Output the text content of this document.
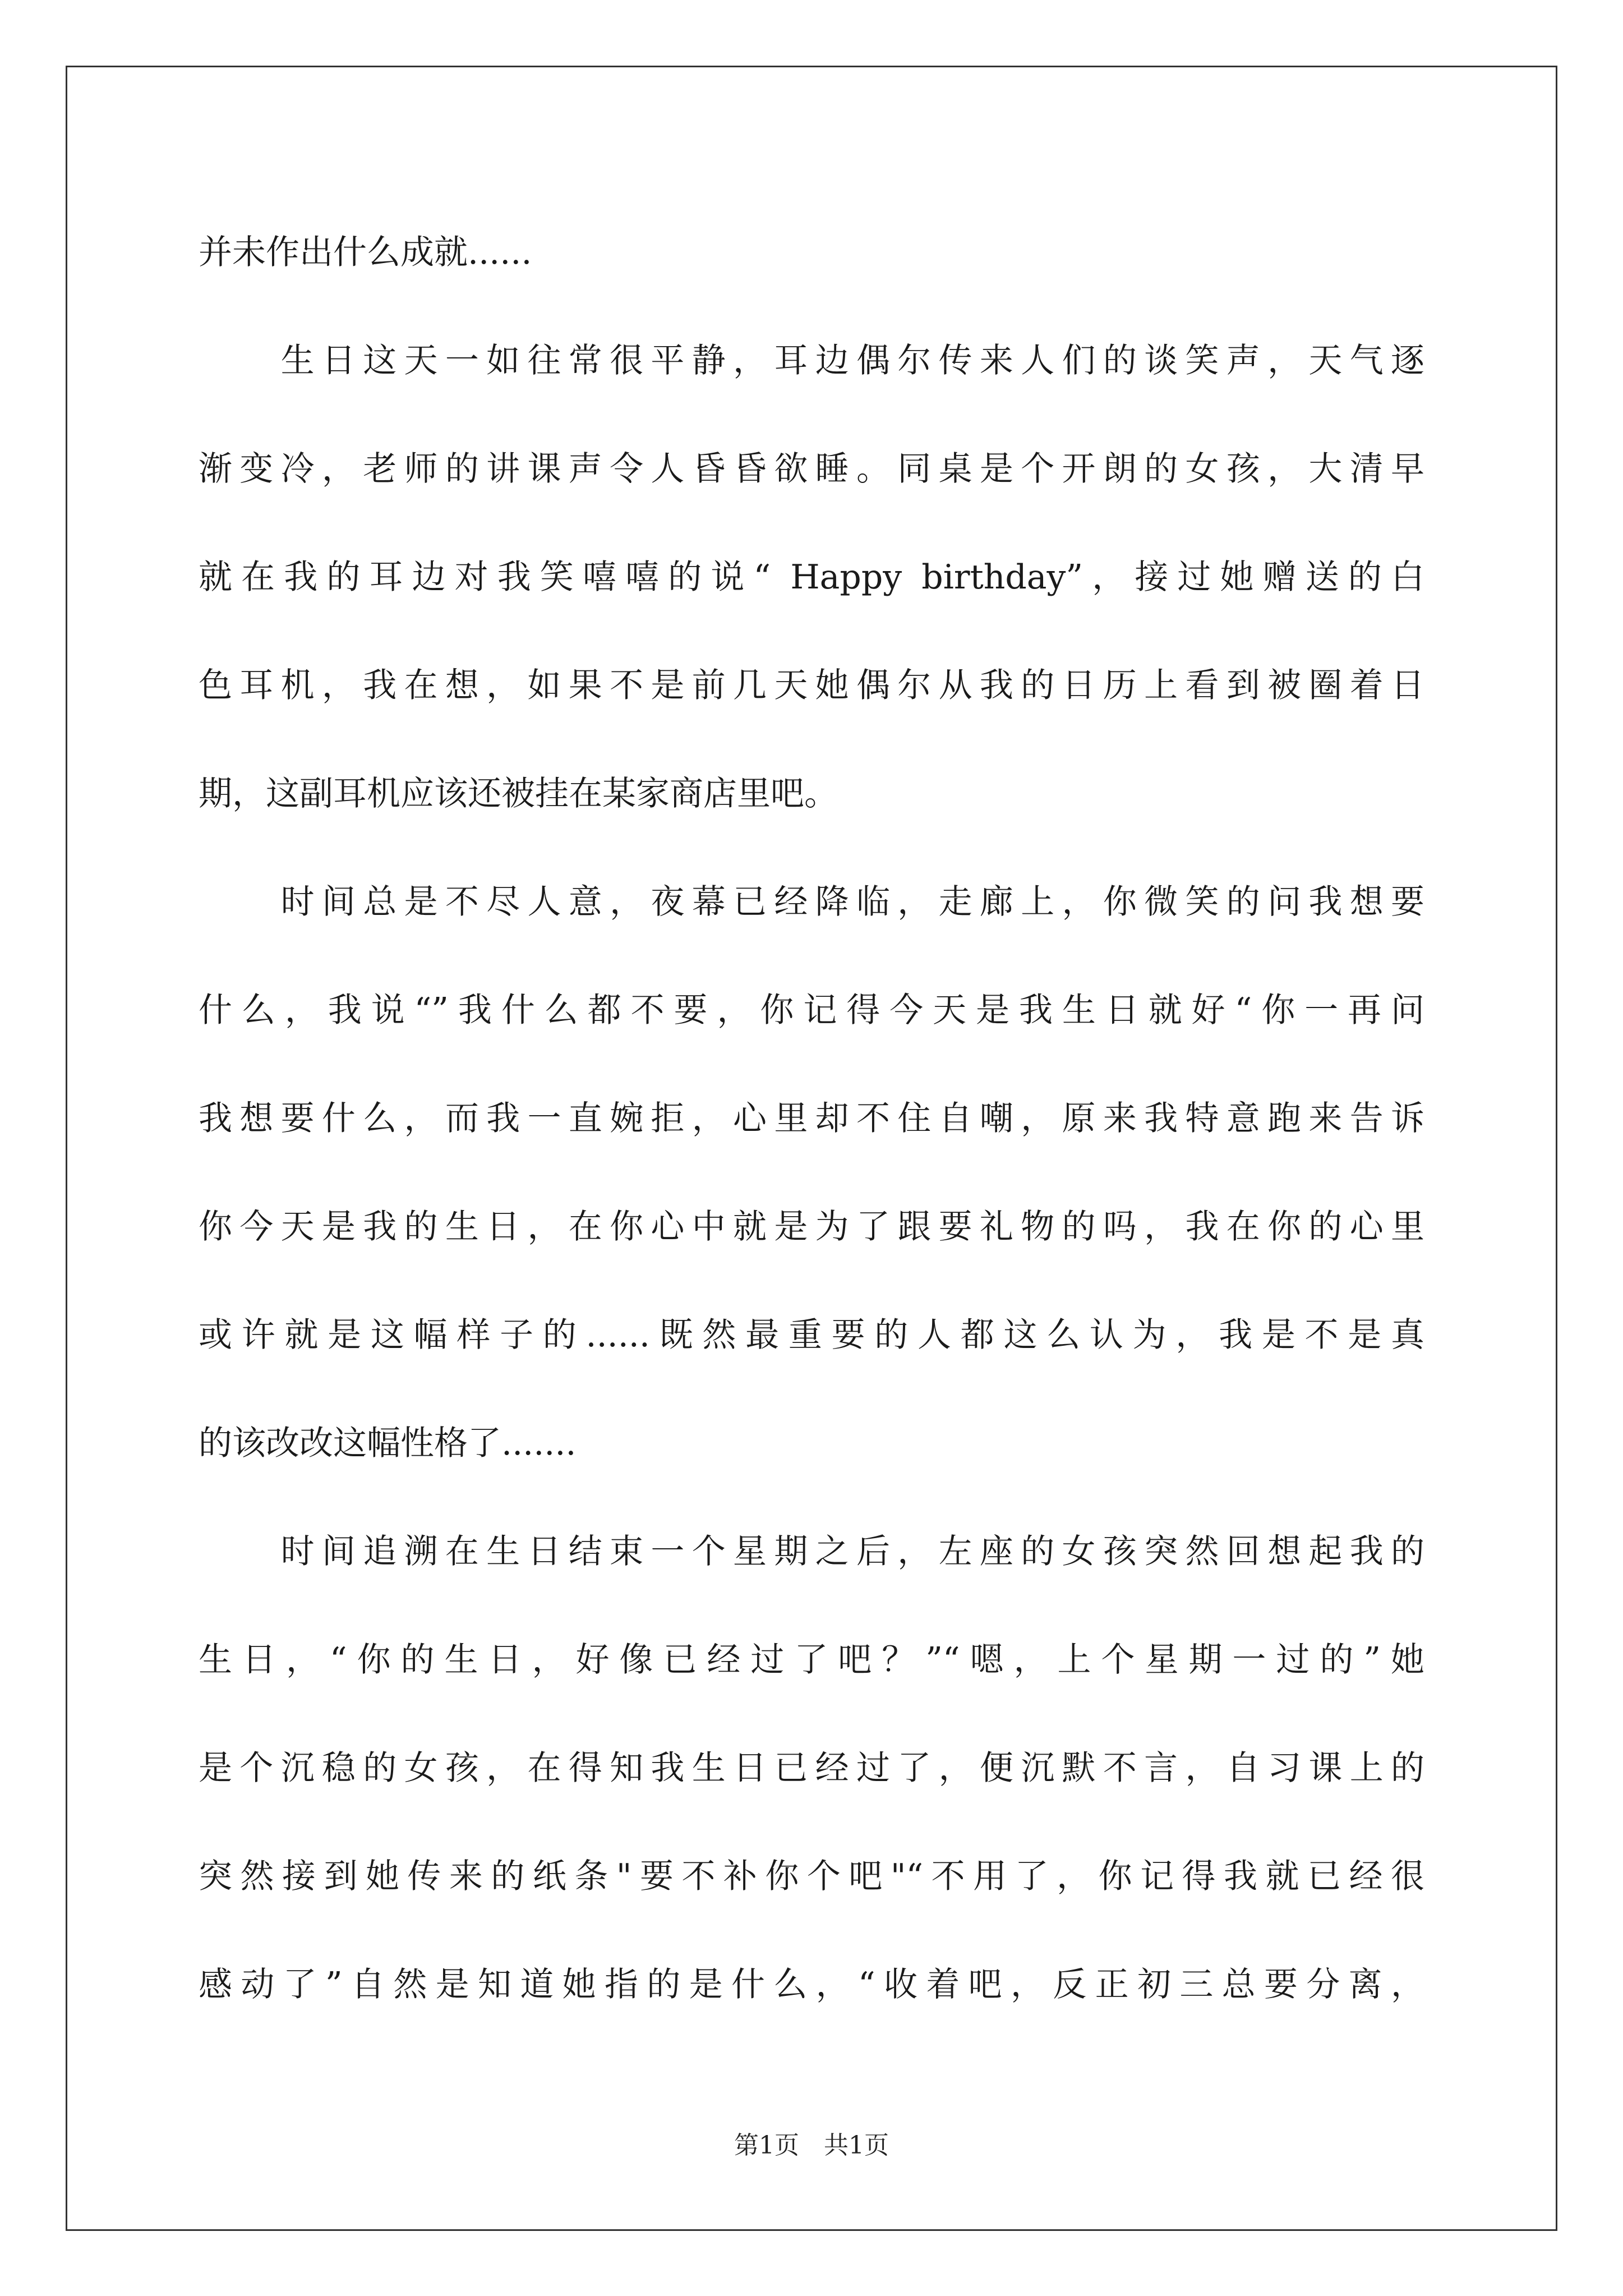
并未作出什么成就......
　　生日这天一如往常很平静，耳边偶尔传来人们的谈笑声，天气逐
渐变冷，老师的讲课声令人昏昏欲睡。同桌是个开朗的女孩，大清早
就在我的耳边对我笑嘻嘻的说“ Happy birthday”，接过她赠送的白
色耳机，我在想，如果不是前几天她偶尔从我的日历上看到被圈着日
期，这副耳机应该还被挂在某家商店里吧。
　　时间总是不尽人意，夜幕已经降临，走廊上，你微笑的问我想要
什么，我说“”我什么都不要，你记得今天是我生日就好“你一再问
我想要什么，而我一直婉拒，心里却不住自嘲，原来我特意跑来告诉
你今天是我的生日，在你心中就是为了跟要礼物的吗，我在你的心里
或许就是这幅样子的......既然最重要的人都这么认为，我是不是真
的该改改这幅性格了.......
　　时间追溯在生日结束一个星期之后，左座的女孩突然回想起我的
生日，“你的生日，好像已经过了吧？”“嗯，上个星期一过的”她
是个沉稳的女孩，在得知我生日已经过了，便沉默不言，自习课上的
突然接到她传来的纸条"要不补你个吧"“不用了，你记得我就已经很
感动了”自然是知道她指的是什么，“收着吧，反正初三总要分离，
第1页　共1页
